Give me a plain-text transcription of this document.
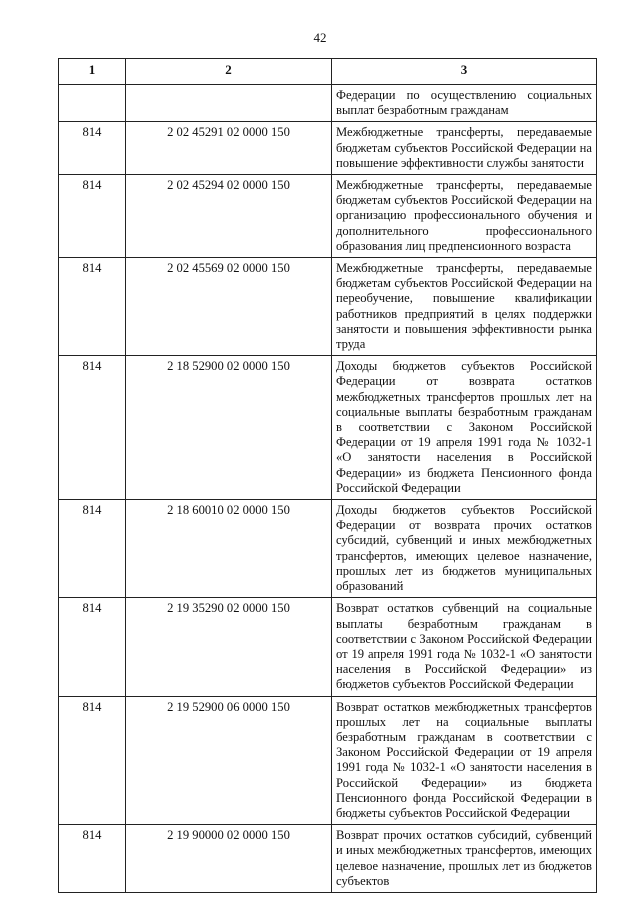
42
1	2	3
		Федерации по осуществлению социальных выплат безработным гражданам
814	2 02 45291 02 0000 150	Межбюджетные трансферты, передаваемые бюджетам субъектов Российской Федерации на повышение эффективности службы занятости
814	2 02 45294 02 0000 150	Межбюджетные трансферты, передаваемые бюджетам субъектов Российской Федерации на организацию профессионального обучения и дополнительного профессионального образования лиц предпенсионного возраста
814	2 02 45569 02 0000 150	Межбюджетные трансферты, передаваемые бюджетам субъектов Российской Федерации на переобучение, повышение квалификации работников предприятий в целях поддержки занятости и повышения эффективности рынка труда
814	2 18 52900 02 0000 150	Доходы бюджетов субъектов Российской Федерации от возврата остатков межбюджетных трансфертов прошлых лет на социальные выплаты безработным гражданам в соответствии с Законом Российской Федерации от 19 апреля 1991 года № 1032-1 «О занятости населения в Российской Федерации» из бюджета Пенсионного фонда Российской Федерации
814	2 18 60010 02 0000 150	Доходы бюджетов субъектов Российской Федерации от возврата прочих остатков субсидий, субвенций и иных межбюджетных трансфертов, имеющих целевое назначение, прошлых лет из бюджетов муниципальных образований
814	2 19 35290 02 0000 150	Возврат остатков субвенций на социальные выплаты безработным гражданам в соответствии с Законом Российской Федерации от 19 апреля 1991 года № 1032-1 «О занятости населения в Российской Федерации» из бюджетов субъектов Российской Федерации
814	2 19 52900 06 0000 150	Возврат остатков межбюджетных трансфертов прошлых лет на социальные выплаты безработным гражданам в соответствии с Законом Российской Федерации от 19 апреля 1991 года № 1032-1 «О занятости населения в Российской Федерации» из бюджета Пенсионного фонда Российской Федерации в бюджеты субъектов Российской Федерации
814	2 19 90000 02 0000 150	Возврат прочих остатков субсидий, субвенций и иных межбюджетных трансфертов, имеющих целевое назначение, прошлых лет из бюджетов субъектов
